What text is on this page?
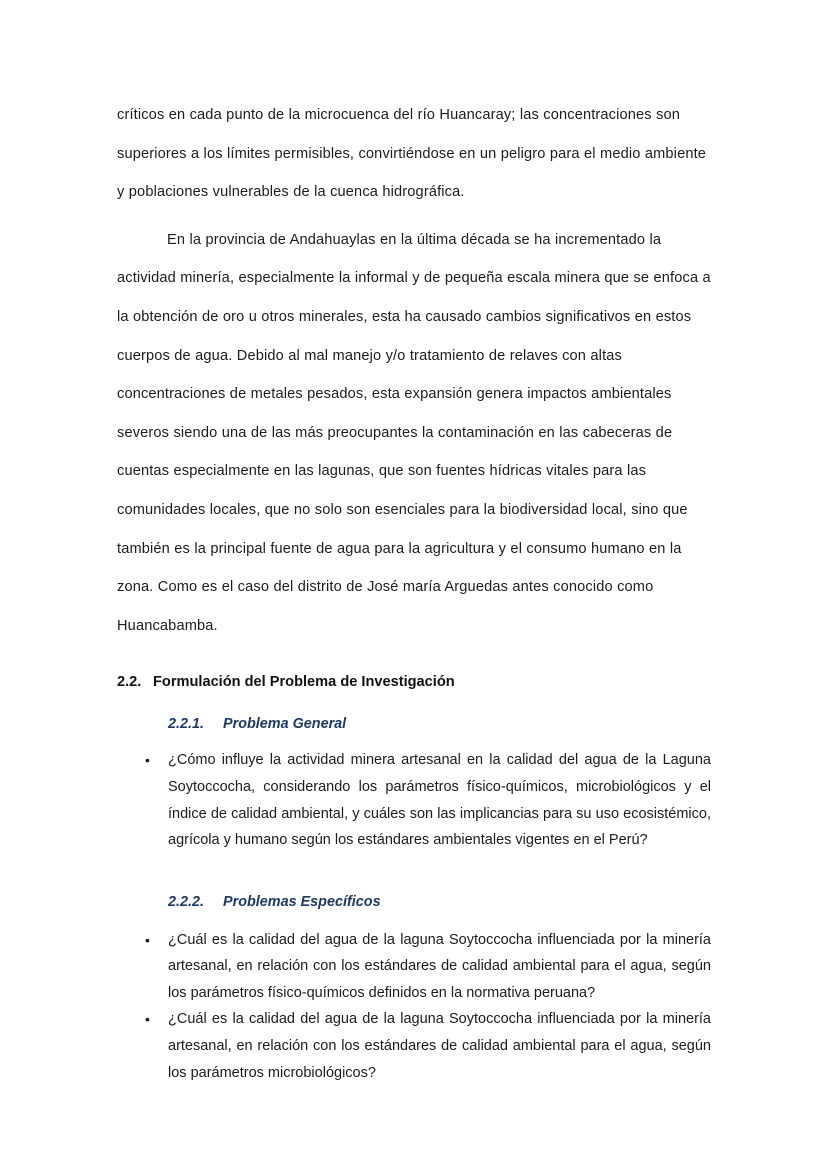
críticos en cada punto de la microcuenca del río Huancaray; las concentraciones son superiores a los límites permisibles, convirtiéndose en un peligro para el medio ambiente y poblaciones vulnerables de la cuenca hidrográfica.

En la provincia de Andahuaylas en la última década se ha incrementado la actividad minería, especialmente la informal y de pequeña escala minera que se enfoca a la obtención de oro u otros minerales, esta ha causado cambios significativos en estos cuerpos de agua. Debido al mal manejo y/o tratamiento de relaves con altas concentraciones de metales pesados, esta expansión genera impactos ambientales severos siendo una de las más preocupantes la contaminación en las cabeceras de cuentas especialmente en las lagunas, que son fuentes hídricas vitales para las comunidades locales, que no solo son esenciales para la biodiversidad local, sino que también es la principal fuente de agua para la agricultura y el consumo humano en la zona. Como es el caso del distrito de José maría Arguedas antes conocido como Huancabamba.

2.2. Formulación del Problema de Investigación
2.2.1. Problema General
• ¿Cómo influye la actividad minera artesanal en la calidad del agua de la Laguna Soytoccocha, considerando los parámetros físico-químicos, microbiológicos y el índice de calidad ambiental, y cuáles son las implicancias para su uso ecosistémico, agrícola y humano según los estándares ambientales vigentes en el Perú?
2.2.2. Problemas Específicos
• ¿Cuál es la calidad del agua de la laguna Soytoccocha influenciada por la minería artesanal, en relación con los estándares de calidad ambiental para el agua, según los parámetros físico-químicos definidos en la normativa peruana?
• ¿Cuál es la calidad del agua de la laguna Soytoccocha influenciada por la minería artesanal, en relación con los estándares de calidad ambiental para el agua, según los parámetros microbiológicos?
